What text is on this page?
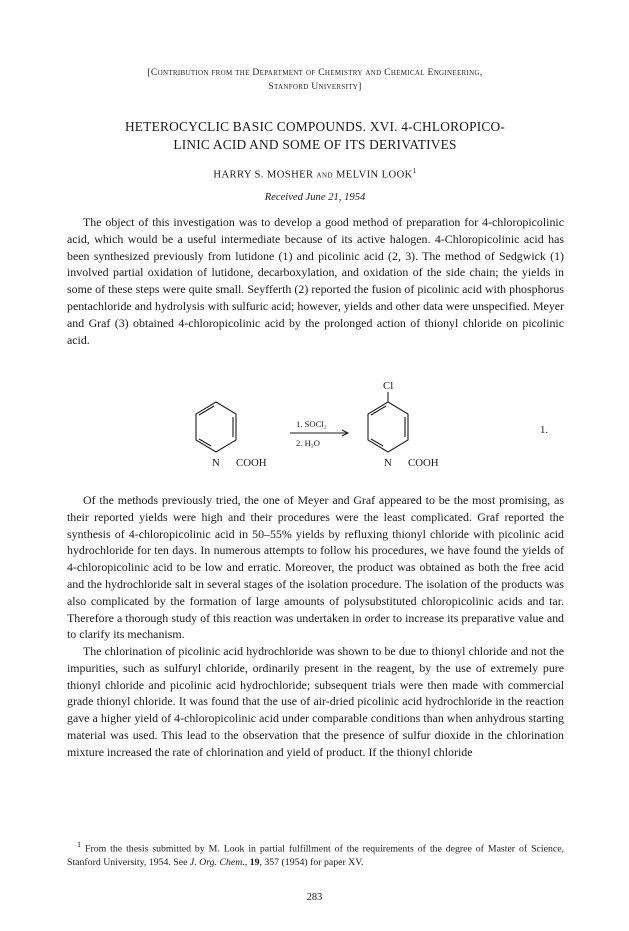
[Contribution from the Department of Chemistry and Chemical Engineering,
Stanford University]
HETEROCYCLIC BASIC COMPOUNDS. XVI. 4-CHLOROPICO-
LINIC ACID AND SOME OF ITS DERIVATIVES
HARRY S. MOSHER and MELVIN LOOK$^1$
Received June 21, 1954

The object of this investigation was to develop a good method of preparation for 4-chloropicolinic acid, which would be a useful intermediate because of its active halogen. 4-Chloropicolinic acid has been synthesized previously from lutidone (1) and picolinic acid (2, 3). The method of Sedgwick (1) involved partial oxidation of lutidone, decarboxylation, and oxidation of the side chain; the yields in some of these steps were quite small. Seyfferth (2) reported the fusion of picolinic acid with phosphorus pentachloride and hydrolysis with sulfuric acid; however, yields and other data were unspecified. Meyer and Graf (3) obtained 4-chloropicolinic acid by the prolonged action of thionyl chloride on picolinic acid.

N COOH
1. SOCl₂
2. H₂O
Cl
N COOH
1.

Of the methods previously tried, the one of Meyer and Graf appeared to be the most promising, as their reported yields were high and their procedures were the least complicated. Graf reported the synthesis of 4-chloropicolinic acid in 50–55% yields by refluxing thionyl chloride with picolinic acid hydrochloride for ten days. In numerous attempts to follow his procedures, we have found the yields of 4-chloropicolinic acid to be low and erratic. Moreover, the product was obtained as both the free acid and the hydrochloride salt in several stages of the isolation procedure. The isolation of the products was also complicated by the formation of large amounts of polysubstituted chloropicolinic acids and tar. Therefore a thorough study of this reaction was undertaken in order to increase its preparative value and to clarify its mechanism.

The chlorination of picolinic acid hydrochloride was shown to be due to thionyl chloride and not the impurities, such as sulfuryl chloride, ordinarily present in the reagent, by the use of extremely pure thionyl chloride and picolinic acid hydrochloride; subsequent trials were then made with commercial grade thionyl chloride. It was found that the use of air-dried picolinic acid hydrochloride in the reaction gave a higher yield of 4-chloropicolinic acid under comparable conditions than when anhydrous starting material was used. This lead to the observation that the presence of sulfur dioxide in the chlorination mixture increased the rate of chlorination and yield of product. If the thionyl chloride

$^1$ From the thesis submitted by M. Look in partial fulfillment of the requirements of the degree of Master of Science, Stanford University, 1954. See J. Org. Chem., 19, 357 (1954) for paper XV.

283
